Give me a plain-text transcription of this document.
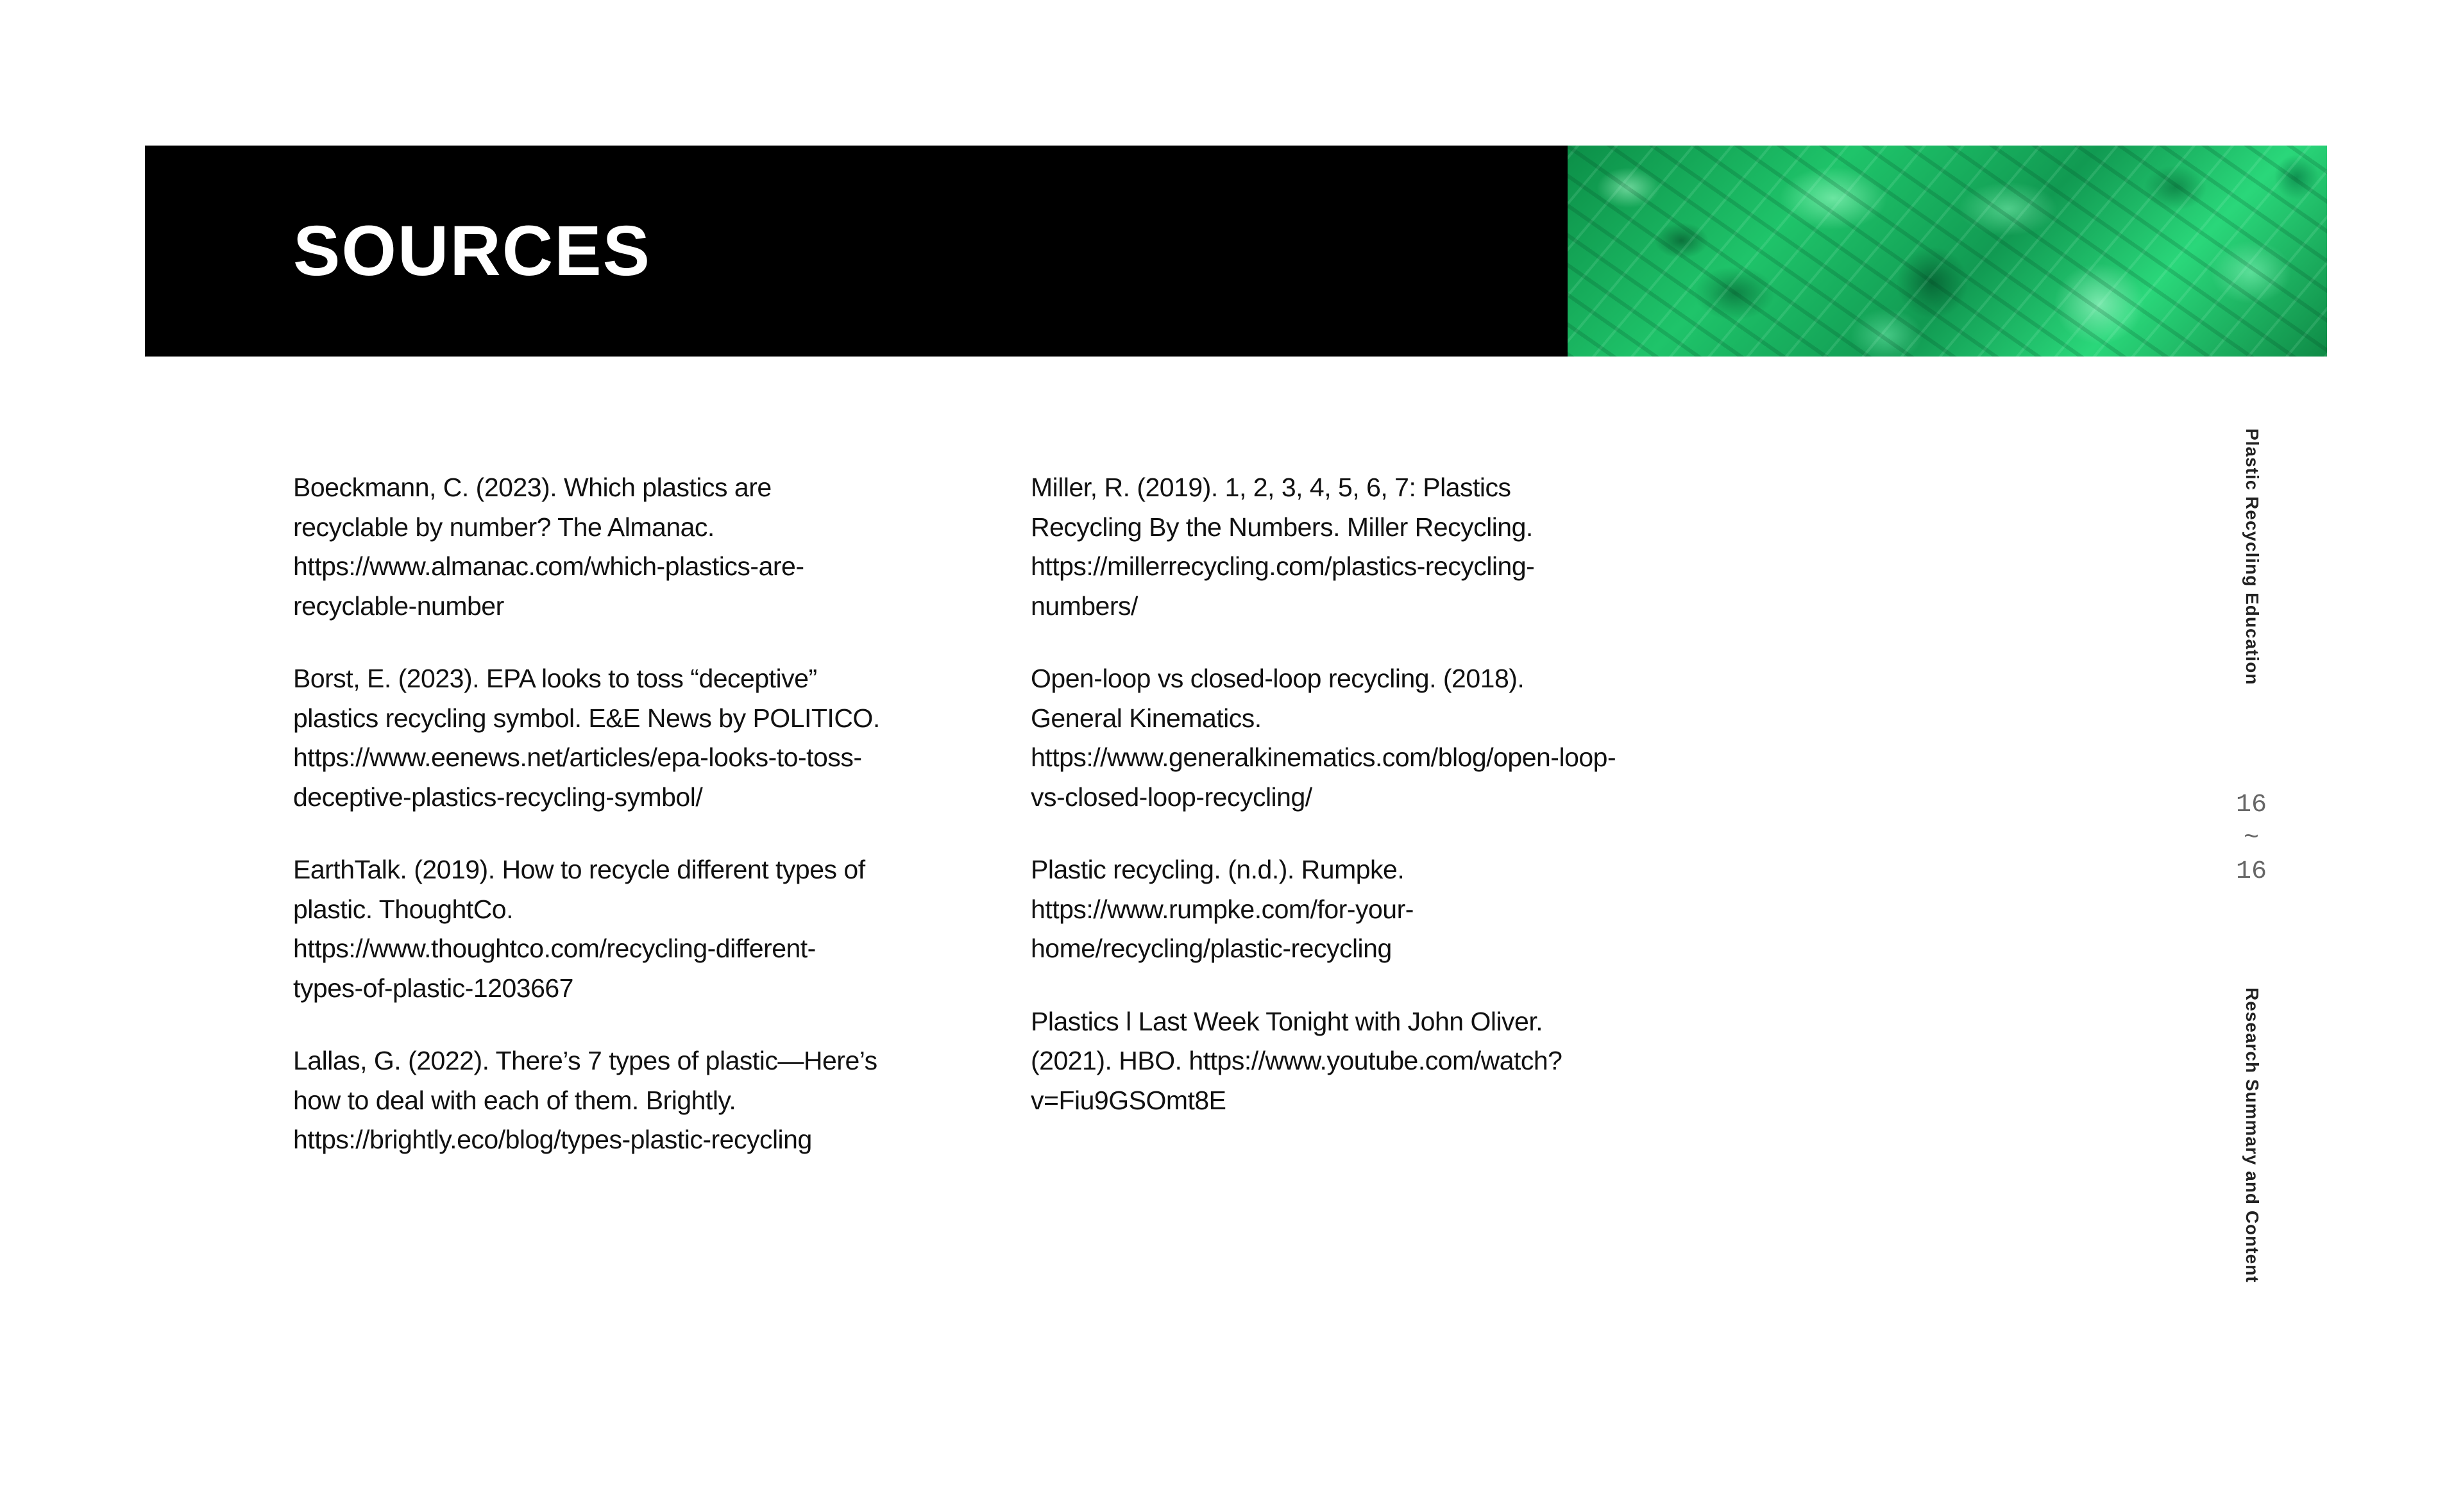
SOURCES

Boeckmann, C. (2023). Which plastics are recyclable by number? The Almanac. https://www.almanac.com/which-plastics-are-recyclable-number

Borst, E. (2023). EPA looks to toss “deceptive” plastics recycling symbol. E&E News by POLITICO. https://www.eenews.net/articles/epa-looks-to-toss-deceptive-plastics-recycling-symbol/

EarthTalk. (2019). How to recycle different types of plastic. ThoughtCo. https://www.thoughtco.com/recycling-different-types-of-plastic-1203667

Lallas, G. (2022). There’s 7 types of plastic—Here’s how to deal with each of them. Brightly. https://brightly.eco/blog/types-plastic-recycling

Miller, R. (2019). 1, 2, 3, 4, 5, 6, 7: Plastics Recycling By the Numbers. Miller Recycling. https://millerrecycling.com/plastics-recycling-numbers/

Open-loop vs closed-loop recycling. (2018). General Kinematics. https://www.generalkinematics.com/blog/open-loop-vs-closed-loop-recycling/

Plastic recycling. (n.d.). Rumpke. https://www.rumpke.com/for-your-home/recycling/plastic-recycling

Plastics l Last Week Tonight with John Oliver. (2021). HBO. https://www.youtube.com/watch?v=Fiu9GSOmt8E

Plastic Recycling Education
16
~
16
Research Summary and Content
